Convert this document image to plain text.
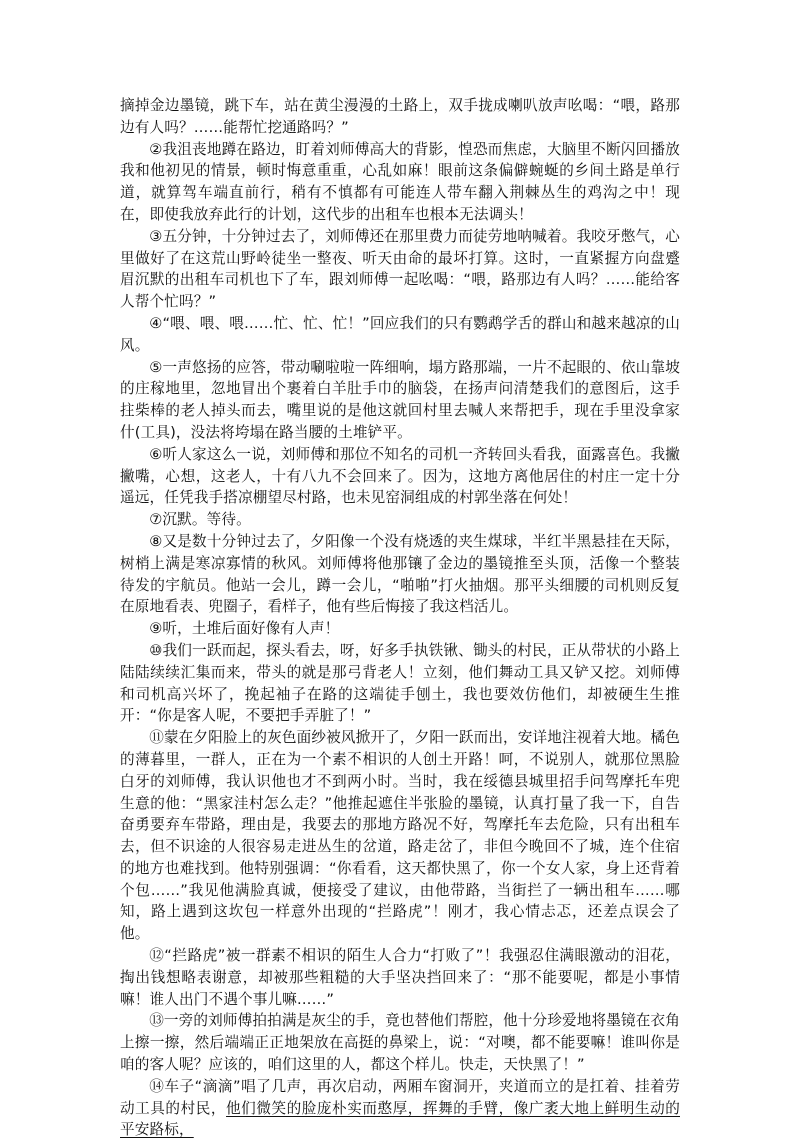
摘掉金边墨镜，跳下车，站在黄尘漫漫的土路上，双手拢成喇叭放声吆喝：“喂，路那边有人吗？……能帮忙挖通路吗？”

②我沮丧地蹲在路边，盯着刘师傅高大的背影，惶恐而焦虑，大脑里不断闪回播放我和他初见的情景，顿时悔意重重，心乱如麻！眼前这条偏僻蜿蜒的乡间土路是单行道，就算驾车端直前行，稍有不慎都有可能连人带车翻入荆棘丛生的鸡沟之中！现在，即使我放弃此行的计划，这代步的出租车也根本无法调头！

③五分钟，十分钟过去了，刘师傅还在那里费力而徒劳地呐喊着。我咬牙憋气，心里做好了在这荒山野岭徒坐一整夜、听天由命的最坏打算。这时，一直紧握方向盘蹙眉沉默的出租车司机也下了车，跟刘师傅一起吆喝：“喂，路那边有人吗？……能给客人帮个忙吗？”

④“喂、喂、喂……忙、忙、忙！”回应我们的只有鹦鹉学舌的群山和越来越凉的山风。

⑤一声悠扬的应答，带动唰啦啦一阵细响，塌方路那端，一片不起眼的、依山靠坡的庄稼地里，忽地冒出个裹着白羊肚手巾的脑袋，在扬声问清楚我们的意图后，这手拄柴棒的老人掉头而去，嘴里说的是他这就回村里去喊人来帮把手，现在手里没拿家什(工具)，没法将垮塌在路当腰的土堆铲平。

⑥听人家这么一说，刘师傅和那位不知名的司机一齐转回头看我，面露喜色。我撇撇嘴，心想，这老人，十有八九不会回来了。因为，这地方离他居住的村庄一定十分遥远，任凭我手搭凉棚望尽村路，也未见窑洞组成的村郭坐落在何处！

⑦沉默。等待。

⑧又是数十分钟过去了，夕阳像一个没有烧透的夹生煤球，半红半黑悬挂在天际，树梢上满是寒凉寡情的秋风。刘师傅将他那镶了金边的墨镜推至头顶，活像一个整装待发的宇航员。他站一会儿，蹲一会儿，“啪啪”打火抽烟。那平头细腰的司机则反复在原地看表、兜圈子，看样子，他有些后悔接了我这档活儿。

⑨听，土堆后面好像有人声！

⑩我们一跃而起，探头看去，呀，好多手执铁锹、锄头的村民，正从带状的小路上陆陆续续汇集而来，带头的就是那弓背老人！立刻，他们舞动工具又铲又挖。刘师傅和司机高兴坏了，挽起袖子在路的这端徒手刨土，我也要效仿他们，却被硬生生推开：“你是客人呢，不要把手弄脏了！”

⑪蒙在夕阳脸上的灰色面纱被风掀开了，夕阳一跃而出，安详地注视着大地。橘色的薄暮里，一群人，正在为一个素不相识的人创土开路！呵，不说别人，就那位黑脸白牙的刘师傅，我认识他也才不到两小时。当时，我在绥德县城里招手问驾摩托车兜生意的他：“黑家洼村怎么走？”他推起遮住半张脸的墨镜，认真打量了我一下，自告奋勇要弃车带路，理由是，我要去的那地方路况不好，驾摩托车去危险，只有出租车去，但不识途的人很容易走进丛生的岔道，路走岔了，非但今晚回不了城，连个住宿的地方也难找到。他特别强调：“你看看，这天都快黑了，你一个女人家，身上还背着个包……”我见他满脸真诚，便接受了建议，由他带路，当街拦了一辆出租车……哪知，路上遇到这坎包一样意外出现的“拦路虎”！刚才，我心情忐忑，还差点误会了他。

⑫“拦路虎”被一群素不相识的陌生人合力“打败了”！我强忍住满眼激动的泪花，掏出钱想略表谢意，却被那些粗糙的大手坚决挡回来了：“那不能要呢，都是小事情嘛！谁人出门不遇个事儿嘛……”

⑬一旁的刘师傅拍拍满是灰尘的手，竟也替他们帮腔，他十分珍爱地将墨镜在衣角上擦一擦，然后端端正正地架放在高挺的鼻梁上，说：“对噢，都不能要嘛！谁叫你是咱的客人呢？应该的，咱们这里的人，都这个样儿。快走，天快黑了！”

⑭车子“滴滴”唱了几声，再次启动，两厢车窗洞开，夹道而立的是扛着、挂着劳动工具的村民，他们微笑的脸庞朴实而憨厚，挥舞的手臂，像广袤大地上鲜明生动的平安路标，
